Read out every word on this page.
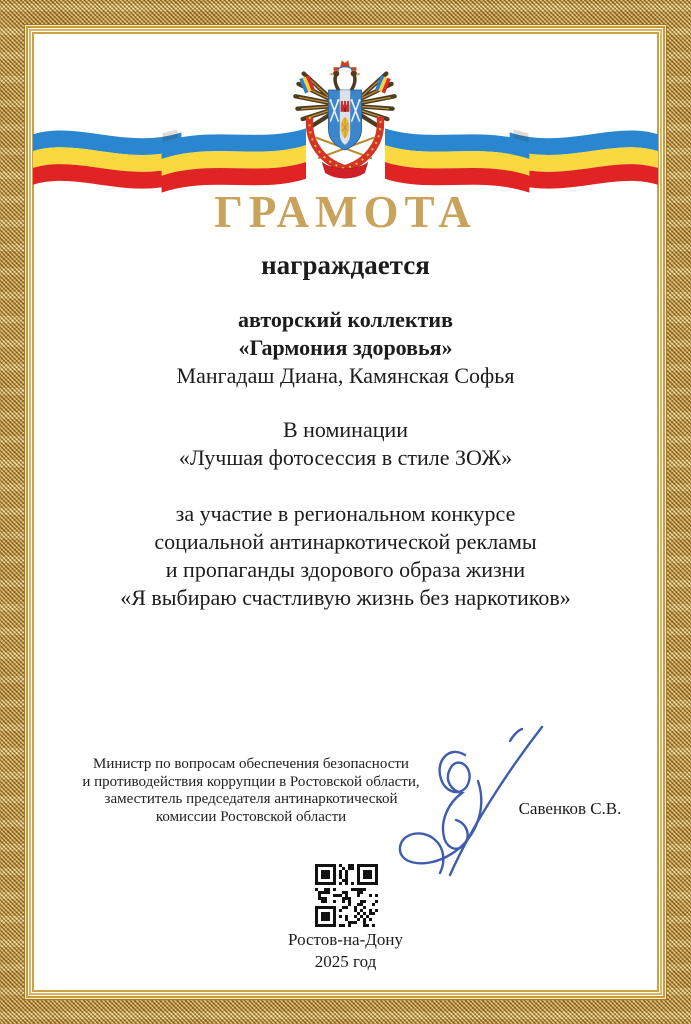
ГРАМОТА
награждается
авторский коллектив
«Гармония здоровья»
Мангадаш Диана, Камянская Софья
В номинации
«Лучшая фотосессия в стиле ЗОЖ»
за участие в региональном конкурсе
социальной антинаркотической рекламы
и пропаганды здорового образа жизни
«Я выбираю счастливую жизнь без наркотиков»
Министр по вопросам обеспечения безопасности
и противодействия коррупции в Ростовской области,
заместитель председателя антинаркотической
комиссии Ростовской области	Савенков С.В.
Ростов-на-Дону
2025 год
